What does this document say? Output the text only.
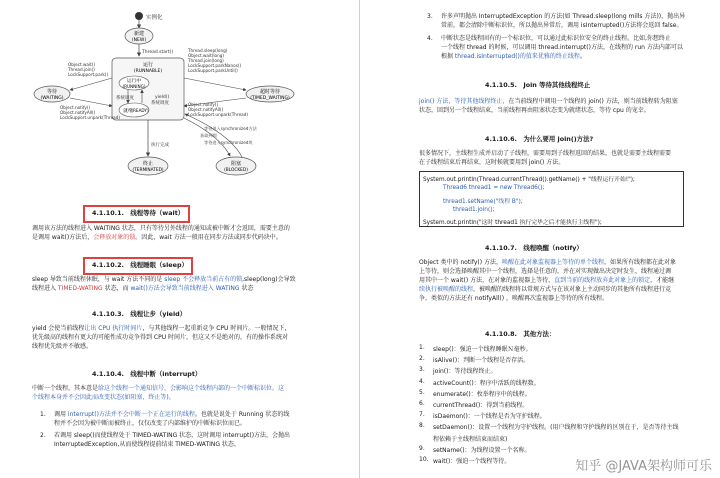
实例化
新建
(NEW)
Thread.start()
运行
(RUNNABLE)
运行中
(RUNNING)
就绪
(READY)
系统调度	yield()
系统调度
等待
(WAITING)
Object.wait()
Thread.join()
LockSupport.park()
Object.notify()
Object.notifyAll()
LockSupport.unpark(Thread)
超时等待
(TIMED_WAITING)
Thread.sleep(long)
Object.wait(long)
Thread.join(long)
LockSupport.parkNanos()
LockSupport.parkUntil()
Object.notify()
Object.notifyAll()
LockSupport.unpark(Thread)
等待进入synchronized方法
获取到锁
等待进入synchronized块
执行完成
终止
(TERMINATED)
阻塞
(BLOCKED)
4.1.10.1.　线程等待（wait）

调用该方法的线程进入 WAITING 状态，只有等待另外线程的通知或被中断才会返回，需要主意的

是调用 wait()方法后，会释放对象的锁。因此，wait 方法一般用在同步方法或同步代码块中。

4.1.10.2.　线程睡眠（sleep）

sleep 导致当前线程休眠，与 wait 方法不同的是 sleep 不会释放当前占有的锁,sleep(long)会导致

线程进入 TIMED-WATING 状态，而 wait()方法会导致当前线程进入 WATING 状态

4.1.10.3.　线程让步（yield）

yield 会使当前线程让出 CPU 执行时间片，与其他线程一起重新竞争 CPU 时间片。一般情况下，

优先级高的线程有更大的可能性成功竞争得到 CPU 时间片，但这又不是绝对的，有的操作系统对

线程优先级并不敏感。

4.1.10.4.　线程中断（interrupt）

中断一个线程，其本意是给这个线程一个通知信号，会影响这个线程内部的一个中断标识位。这

个线程本身并不会因此而改变状态(如阻塞，终止等)。

1. 调用 interrupt()方法并不会中断一个正在运行的线程。也就是说处于 Running 状态的线

程并不会因为被中断而被终止，仅仅改变了内部维护的中断标识位而已。

2. 若调用 sleep()而使线程处于 TIMED-WATING 状态，这时调用 interrupt()方法，会抛出

InterruptedException,从而使线程提前结束 TIMED-WATING 状态。

3. 许多声明抛出 InterruptedException 的方法(如 Thread.sleep(long mills 方法))，抛出异

常前，都会清除中断标识位，所以抛出异常后，调用 isInterrupted()方法将会返回 false。

4. 中断状态是线程固有的一个标识位，可以通过此标识位安全的终止线程。比如,你想终止

一个线程 thread 的时候，可以调用 thread.interrupt()方法，在线程的 run 方法内部可以

根据 thread.isInterrupted()的值来优雅的终止线程。

4.1.10.5.　Join 等待其他线程终止

join() 方法，等待其他线程终止，在当前线程中调用一个线程的 join() 方法，则当前线程转为阻塞

状态，回到另一个线程结束，当前线程再由阻塞状态变为就绪状态，等待 cpu 的宠幸。

4.1.10.6.　为什么要用 join()方法?

很多情况下，主线程生成并启动了子线程，需要用到子线程返回的结果，也就是需要主线程需要

在子线程结束后再结束，这时候就要用到 join() 方法。

System.out.println(Thread.currentThread().getName() + "线程运行开始!");
Thread6 thread1 = new Thread6();
thread1.setName("线程 B");
thread1.join();
System.out.println("这时 thread1 执行完毕之后才能执行主线程");
4.1.10.7.　线程唤醒（notify）

Object 类中的 notify() 方法，唤醒在此对象监视器上等待的单个线程，如果所有线程都在此对象

上等待，则会选择唤醒其中一个线程，选择是任意的，并在对实现做出决定时发生，线程通过调

用其中一个 wait() 方法，在对象的监视器上等待，直到当前的线程放弃此对象上的锁定，才能继

续执行被唤醒的线程，被唤醒的线程将以常规方式与在该对象上主动同步的其他所有线程进行竞

争。类似的方法还有 notifyAll() ，唤醒再次监视器上等待的所有线程。

4.1.10.8.　其他方法：
1. sleep()：强迫一个线程睡眠Ｎ毫秒。
2. isAlive()：判断一个线程是否存活。
3. join()：等待线程终止。
4. activeCount()：程序中活跃的线程数。
5. enumerate()：枚举程序中的线程。
6. currentThread()：得到当前线程。
7. isDaemon()：一个线程是否为守护线程。
8. setDaemon()：设置一个线程为守护线程。(用户线程和守护线程的区别在于，是否等待主线
程依赖于主线程结束而结束)
9. setName()：为线程设置一个名称。
10. wait()：强迫一个线程等待。	知乎 @JAVA架构师可乐
